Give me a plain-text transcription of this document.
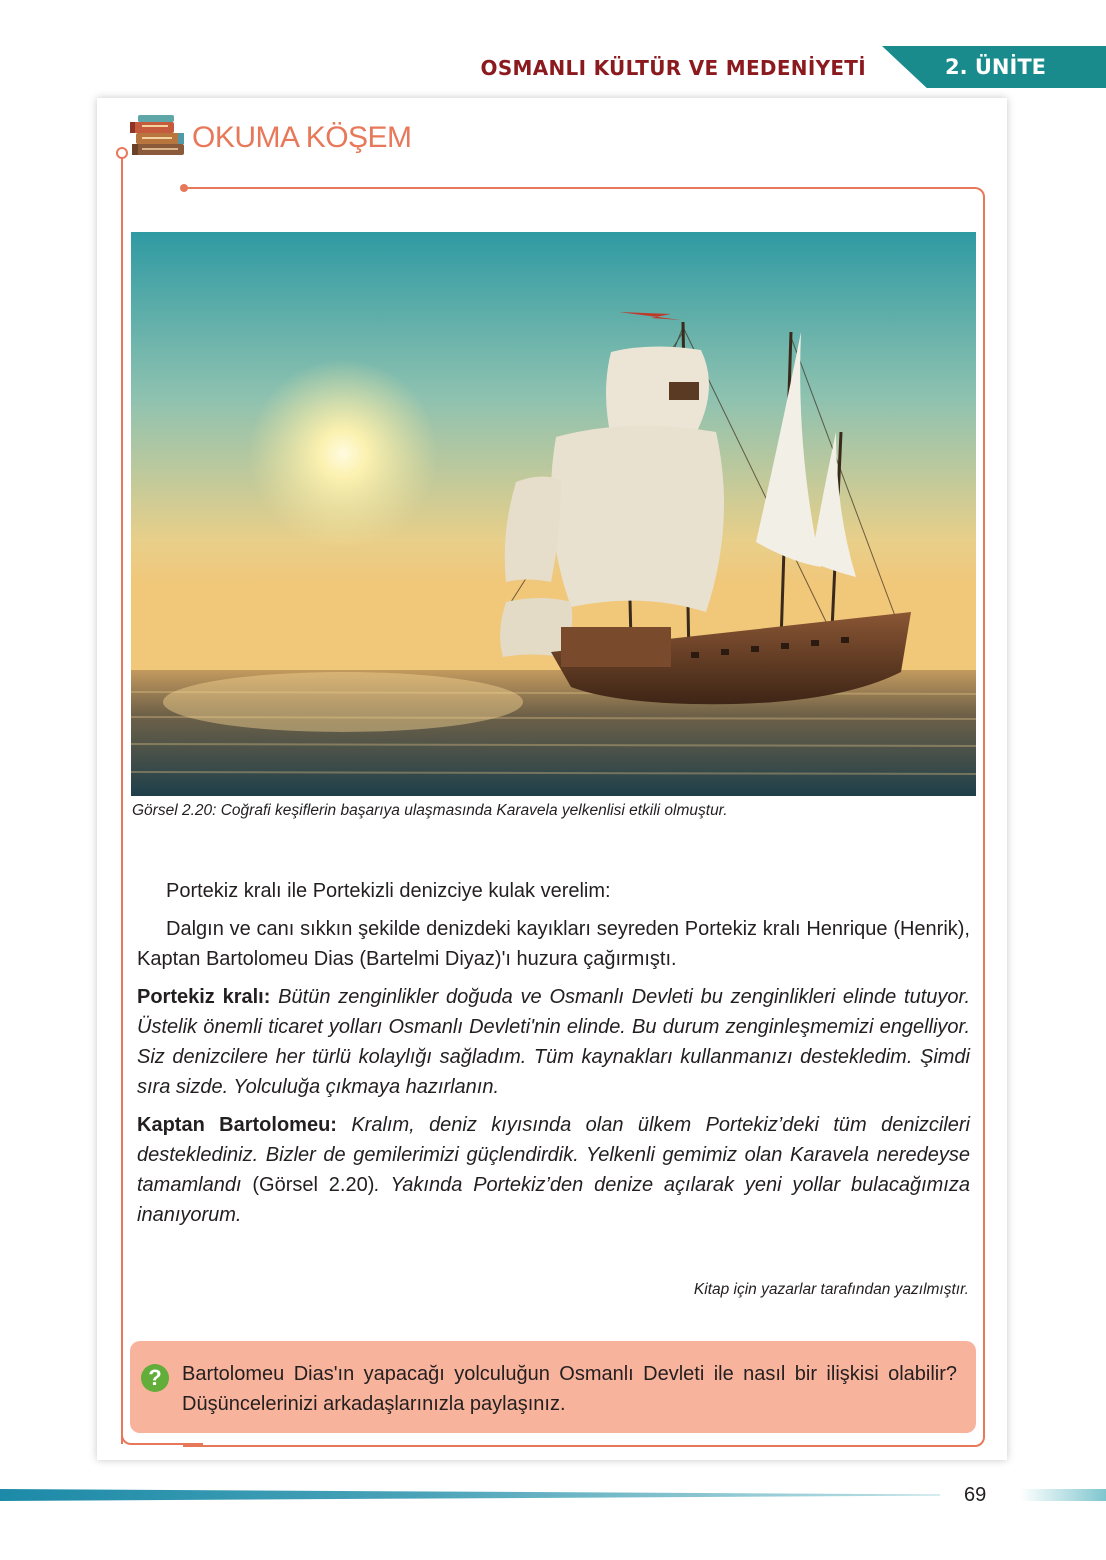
OSMANLI KÜLTÜR VE MEDENİYETİ	2. ÜNİTE
OKUMA KÖŞEM
Görsel 2.20: Coğrafi keşiflerin başarıya ulaşmasında Karavela yelkenlisi etkili olmuştur.

Portekiz kralı ile Portekizli denizciye kulak verelim:

Dalgın ve canı sıkkın şekilde denizdeki kayıkları seyreden Portekiz kralı Henrique (Henrik), Kaptan Bartolomeu Dias (Bartelmi Diyaz)'ı huzura çağırmıştı.

Portekiz kralı: Bütün zenginlikler doğuda ve Osmanlı Devleti bu zenginlikleri elinde tutuyor. Üstelik önemli ticaret yolları Osmanlı Devleti'nin elinde. Bu durum zenginleşmemizi engelliyor. Siz denizcilere her türlü kolaylığı sağladım. Tüm kaynakları kullanmanızı destekledim. Şimdi sıra sizde. Yolculuğa çıkmaya hazırlanın.

Kaptan Bartolomeu: Kralım, deniz kıyısında olan ülkem Portekiz’deki tüm denizcileri desteklediniz. Bizler de gemilerimizi güçlendirdik. Yelkenli gemimiz olan Karavela neredeyse tamamlandı (Görsel 2.20). Yakında Portekiz’den denize açılarak yeni yollar bulacağımıza inanıyorum.

Kitap için yazarlar tarafından yazılmıştır.
?	Bartolomeu Dias'ın yapacağı yolculuğun Osmanlı Devleti ile nasıl bir ilişkisi olabilir? Düşüncelerinizi arkadaşlarınızla paylaşınız.
69
